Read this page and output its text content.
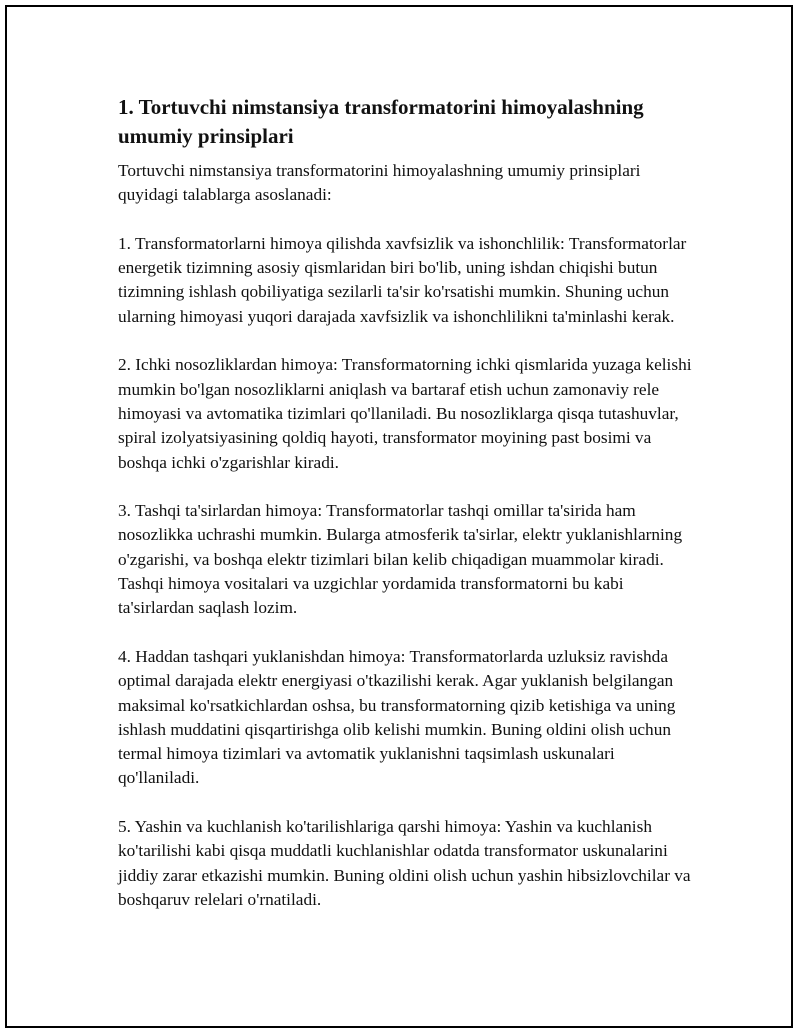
1. Tortuvchi nimstansiya transformatorini himoyalashning umumiy prinsiplari

Tortuvchi nimstansiya transformatorini himoyalashning umumiy prinsiplari quyidagi talablarga asoslanadi:

1. Transformatorlarni himoya qilishda xavfsizlik va ishonchlilik: Transformatorlar energetik tizimning asosiy qismlaridan biri bo'lib, uning ishdan chiqishi butun tizimning ishlash qobiliyatiga sezilarli ta'sir ko'rsatishi mumkin. Shuning uchun ularning himoyasi yuqori darajada xavfsizlik va ishonchlilikni ta'minlashi kerak.

2. Ichki nosozliklardan himoya: Transformatorning ichki qismlarida yuzaga kelishi mumkin bo'lgan nosozliklarni aniqlash va bartaraf etish uchun zamonaviy rele himoyasi va avtomatika tizimlari qo'llaniladi. Bu nosozliklarga qisqa tutashuvlar, spiral izolyatsiyasining qoldiq hayoti, transformator moyining past bosimi va boshqa ichki o'zgarishlar kiradi.

3. Tashqi ta'sirlardan himoya: Transformatorlar tashqi omillar ta'sirida ham nosozlikka uchrashi mumkin. Bularga atmosferik ta'sirlar, elektr yuklanishlarning o'zgarishi, va boshqa elektr tizimlari bilan kelib chiqadigan muammolar kiradi. Tashqi himoya vositalari va uzgichlar yordamida transformatorni bu kabi ta'sirlardan saqlash lozim.

4. Haddan tashqari yuklanishdan himoya: Transformatorlarda uzluksiz ravishda optimal darajada elektr energiyasi o'tkazilishi kerak. Agar yuklanish belgilangan maksimal ko'rsatkichlardan oshsa, bu transformatorning qizib ketishiga va uning ishlash muddatini qisqartirishga olib kelishi mumkin. Buning oldini olish uchun termal himoya tizimlari va avtomatik yuklanishni taqsimlash uskunalari qo'llaniladi.

5. Yashin va kuchlanish ko'tarilishlariga qarshi himoya: Yashin va kuchlanish ko'tarilishi kabi qisqa muddatli kuchlanishlar odatda transformator uskunalarini jiddiy zarar etkazishi mumkin. Buning oldini olish uchun yashin hibsizlovchilar va boshqaruv relelari o'rnatiladi.
